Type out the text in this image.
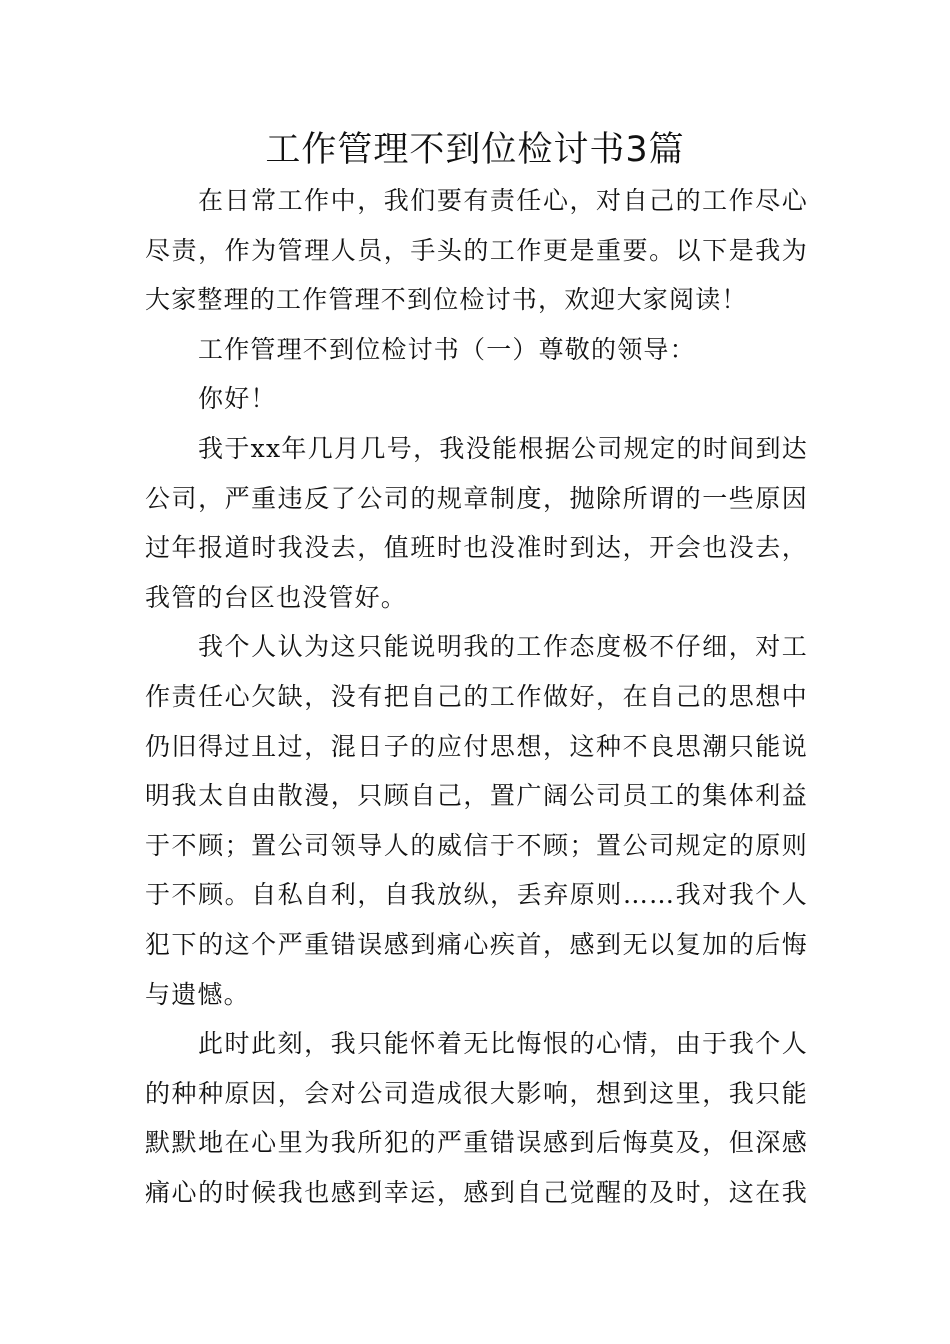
工作管理不到位检讨书3篇
在日常工作中，我们要有责任心，对自己的工作尽心
尽责，作为管理人员，手头的工作更是重要。以下是我为
大家整理的工作管理不到位检讨书，欢迎大家阅读！
工作管理不到位检讨书（一）尊敬的领导：
你好！
我于xx年几月几号，我没能根据公司规定的时间到达
公司，严重违反了公司的规章制度，抛除所谓的一些原因
过年报道时我没去，值班时也没准时到达，开会也没去，
我管的台区也没管好。
我个人认为这只能说明我的工作态度极不仔细，对工
作责任心欠缺，没有把自己的工作做好，在自己的思想中
仍旧得过且过，混日子的应付思想，这种不良思潮只能说
明我太自由散漫，只顾自己，置广阔公司员工的集体利益
于不顾；置公司领导人的威信于不顾；置公司规定的原则
于不顾。自私自利，自我放纵，丢弃原则……我对我个人
犯下的这个严重错误感到痛心疾首，感到无以复加的后悔
与遗憾。
此时此刻，我只能怀着无比悔恨的心情，由于我个人
的种种原因，会对公司造成很大影响，想到这里，我只能
默默地在心里为我所犯的严重错误感到后悔莫及，但深感
痛心的时候我也感到幸运，感到自己觉醒的及时，这在我
